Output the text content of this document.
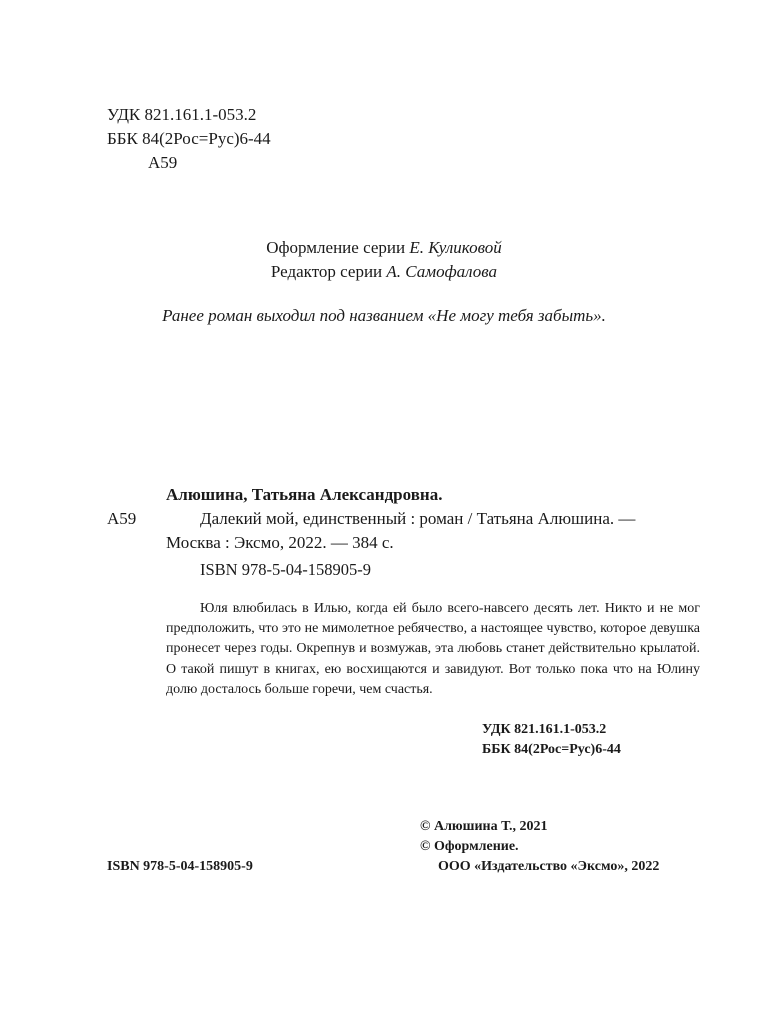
УДК 821.161.1-053.2
ББК 84(2Рос=Рус)6-44
А59
Оформление серии Е. Куликовой
Редактор серии А. Самофалова
Ранее роман выходил под названием «Не могу тебя забыть».
Алюшина, Татьяна Александровна.
А59	Далекий мой, единственный : роман / Татьяна Алюшина. —
Москва : Эксмо, 2022. — 384 с.
ISBN 978-5-04-158905-9
Юля влюбилась в Илью, когда ей было всего-навсего десять лет. Никто и не мог предположить, что это не мимолетное ребячество, а настоящее чувство, которое девушка пронесет через годы. Окрепнув и возмужав, эта любовь станет действительно крылатой. О такой пишут в книгах, ею восхищаются и завидуют. Вот только пока что на Юлину долю досталось больше горечи, чем счастья.
УДК 821.161.1-053.2
ББК 84(2Рос=Рус)6-44
© Алюшина Т., 2021
© Оформление.
ООО «Издательство «Эксмо», 2022
ISBN 978-5-04-158905-9
